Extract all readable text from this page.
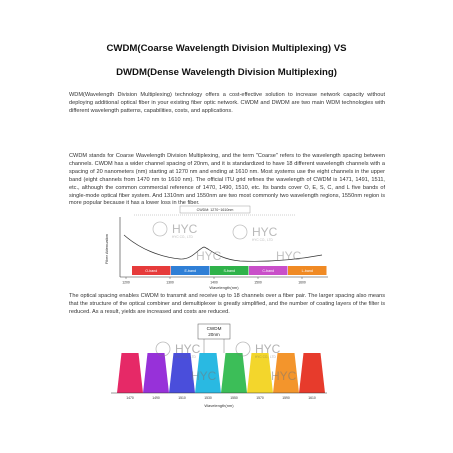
CWDM(Coarse Wavelength Division Multiplexing) VS
DWDM(Dense Wavelength Division Multiplexing)
WDM(Wavelength Division Multiplexing) technology offers a cost-effective solution to increase network capacity without deploying additional optical fiber in your existing fiber optic network. CWDM and DWDM are two main WDM technologies with different wavelength patterns, capabilities, costs, and applications.
CWDM stands for Coarse Wavelength Division Multiplexing, and the term "Coarse" refers to the wavelength spacing between channels. CWDM has a wider channel spacing of 20nm, and it is standardized to have 18 different wavelength channels with a spacing of 20 nanometers (nm) starting at 1270 nm and ending at 1610 nm. Most systems use the eight channels in the upper band (eight channels from 1470 nm to 1610 nm). The official ITU grid refines the wavelength of CWDM is 1471, 1491, 1511, etc., although the common commercial reference of 1470, 1490, 1510, etc. Its bands cover O, E, S, C, and L five bands of single-mode optical fiber system. And 1310nm and 1550nm are two most commonly two wavelength regions, 1550nm region is more popular because it has a lower loss in the fiber.
CWDM: 1270~1610nm
Fiber Attenuation
O-band	E-band	S-band	C-band	L-band
1200	1300	1400	1500	1600
Wavelength(nm)
HYC
HYC CO., LTD	HYC
HYC CO., LTD
HYC	HYC
The optical spacing enables CWDM to transmit and receive up to 18 channels over a fiber pair. The larger spacing also means that the structure of the optical combiner and demultiplexer is greatly simplified, and the number of coating layers of the filter is reduced. As a result, yields are increased and costs are reduced.
CWDM
20nm
1470	1490	1510	1530	1550	1570	1590	1610
Wavelength(nm)
HYC
HYC CO., LTD
HYC
HYC CO., LTD
HYC	HYC
